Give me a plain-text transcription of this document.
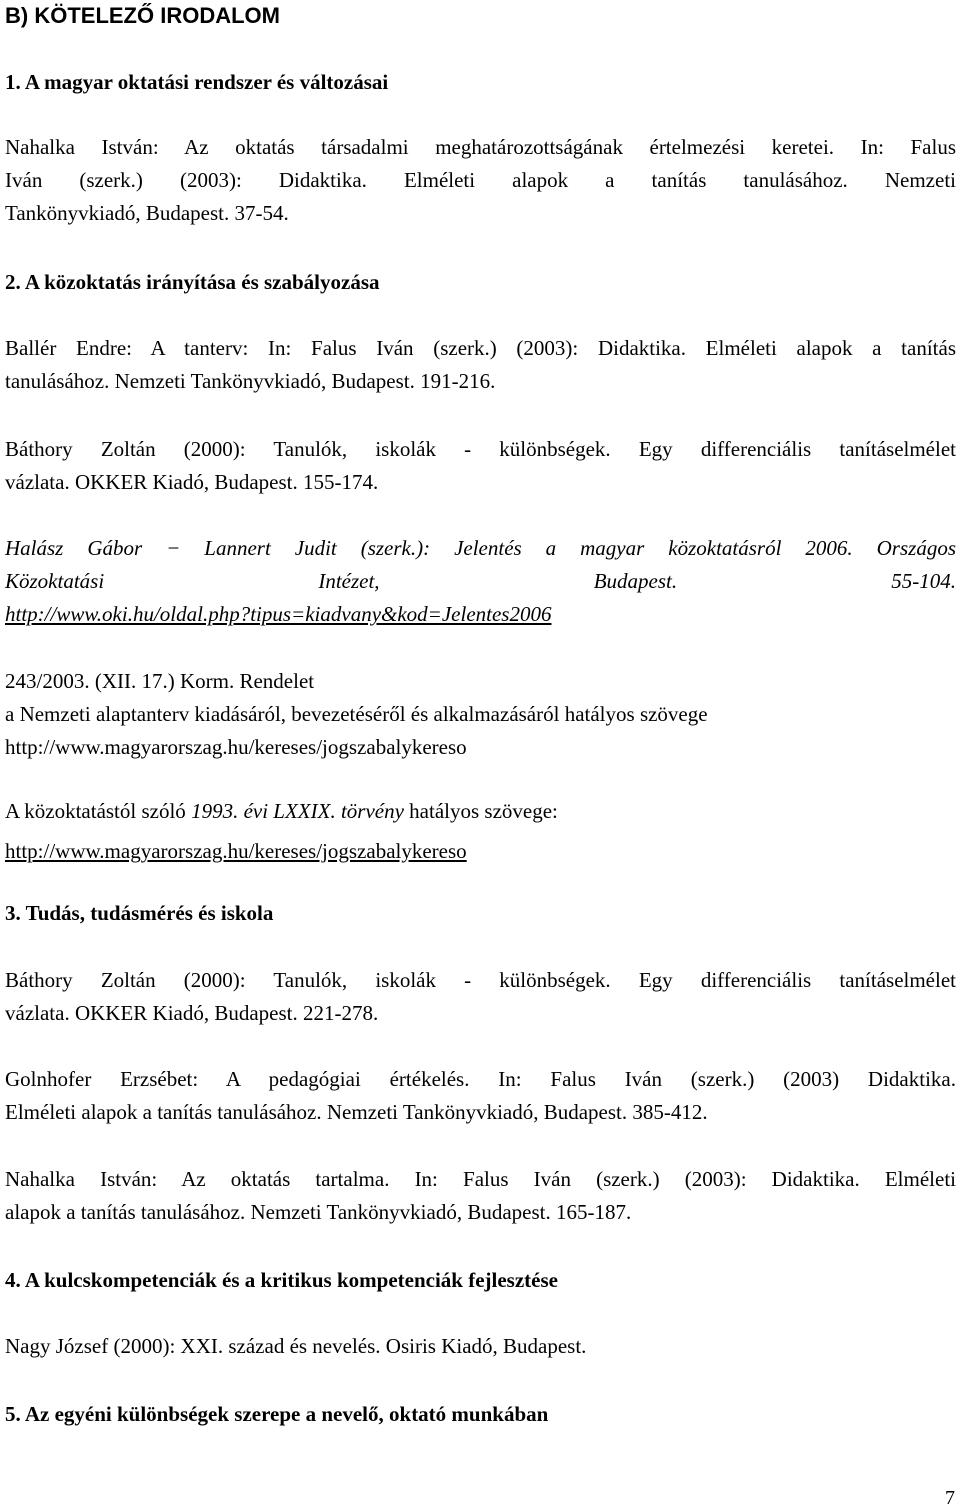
B) KÖTELEZŐ IRODALOM
1. A magyar oktatási rendszer és változásai

Nahalka István: Az oktatás társadalmi meghatározottságának értelmezési keretei. In: Falus
Iván (szerk.) (2003): Didaktika. Elméleti alapok a tanítás tanulásához. Nemzeti
Tankönyvkiadó, Budapest. 37-54.

2. A közoktatás irányítása és szabályozása

Ballér Endre: A tanterv: In: Falus Iván (szerk.) (2003): Didaktika. Elméleti alapok a tanítás
tanulásához. Nemzeti Tankönyvkiadó, Budapest. 191-216.

Báthory Zoltán (2000): Tanulók, iskolák - különbségek. Egy differenciális tanításelmélet
vázlata. OKKER Kiadó, Budapest. 155-174.

Halász Gábor − Lannert Judit (szerk.): Jelentés a magyar közoktatásról 2006. Országos
Közoktatási Intézet, Budapest. 55-104.
http://www.oki.hu/oldal.php?tipus=kiadvany&kod=Jelentes2006

243/2003. (XII. 17.) Korm. Rendelet
a Nemzeti alaptanterv kiadásáról, bevezetéséről és alkalmazásáról hatályos szövege
http://www.magyarorszag.hu/kereses/jogszabalykereso

A közoktatástól szóló 1993. évi LXXIX. törvény hatályos szövege:
http://www.magyarorszag.hu/kereses/jogszabalykereso

3. Tudás, tudásmérés és iskola

Báthory Zoltán (2000): Tanulók, iskolák - különbségek. Egy differenciális tanításelmélet
vázlata. OKKER Kiadó, Budapest. 221-278.

Golnhofer Erzsébet: A pedagógiai értékelés. In: Falus Iván (szerk.) (2003) Didaktika.
Elméleti alapok a tanítás tanulásához. Nemzeti Tankönyvkiadó, Budapest. 385-412.

Nahalka István: Az oktatás tartalma. In: Falus Iván (szerk.) (2003): Didaktika. Elméleti
alapok a tanítás tanulásához. Nemzeti Tankönyvkiadó, Budapest. 165-187.

4. A kulcskompetenciák és a kritikus kompetenciák fejlesztése

Nagy József (2000): XXI. század és nevelés. Osiris Kiadó, Budapest.

5. Az egyéni különbségek szerepe a nevelő, oktató munkában

7
